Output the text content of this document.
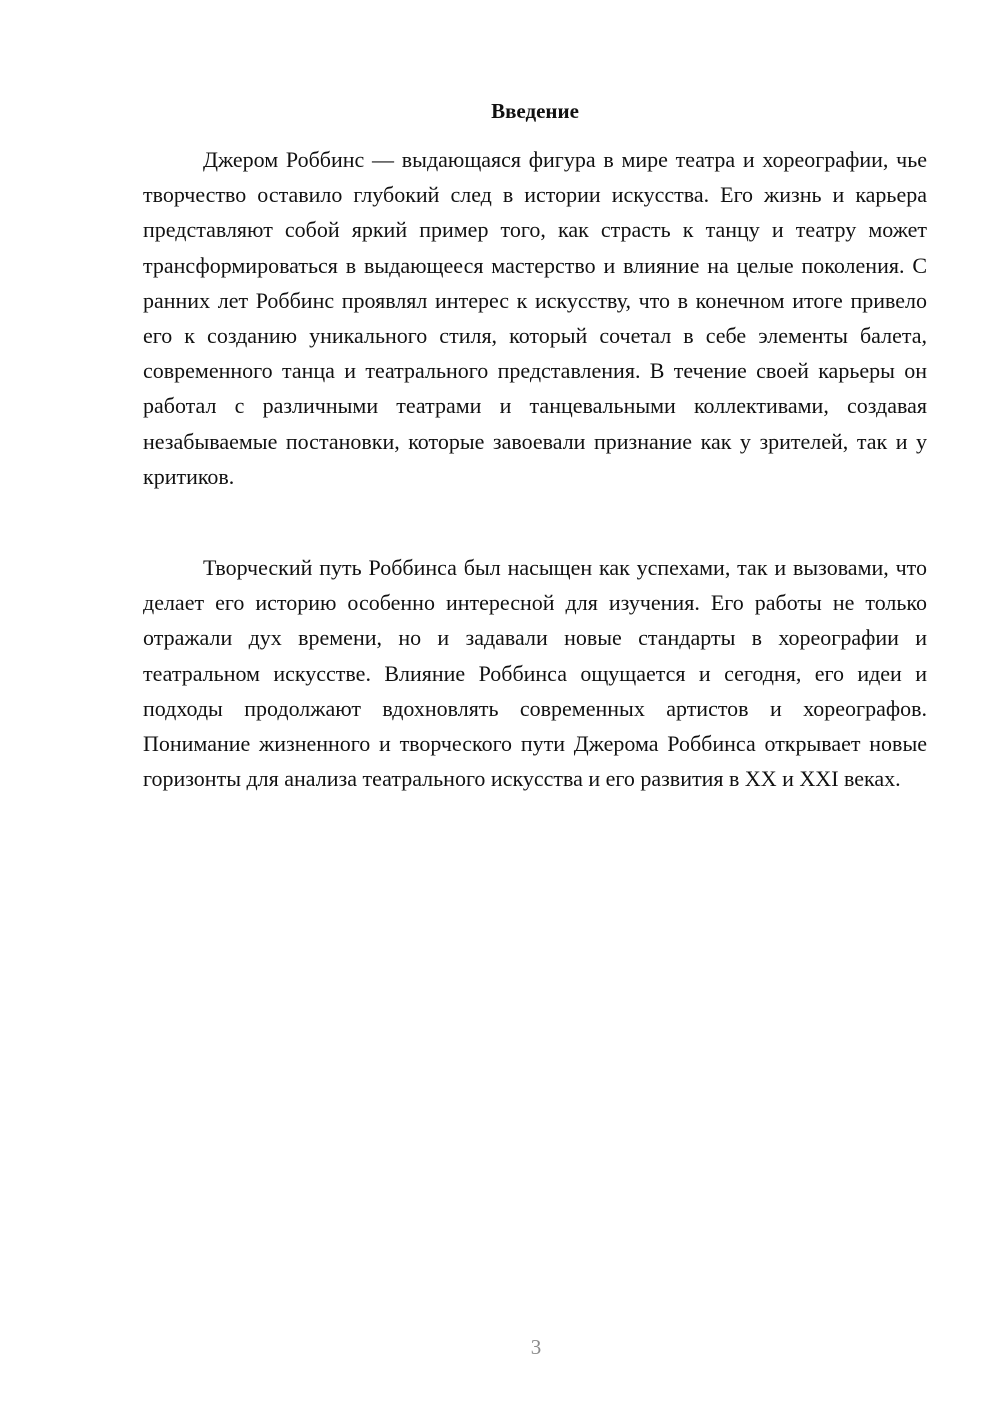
Введение

Джером Роббинс — выдающаяся фигура в мире театра и хореографии, чье творчество оставило глубокий след в истории искусства. Его жизнь и карьера представляют собой яркий пример того, как страсть к танцу и театру может трансформироваться в выдающееся мастерство и влияние на целые поколения. С ранних лет Роббинс проявлял интерес к искусству, что в конечном итоге привело его к созданию уникального стиля, который сочетал в себе элементы балета, современного танца и театрального представления. В течение своей карьеры он работал с различными театрами и танцевальными коллективами, создавая незабываемые постановки, которые завоевали признание как у зрителей, так и у критиков.

Творческий путь Роббинса был насыщен как успехами, так и вызовами, что делает его историю особенно интересной для изучения. Его работы не только отражали дух времени, но и задавали новые стандарты в хореографии и театральном искусстве. Влияние Роббинса ощущается и сегодня, его идеи и подходы продолжают вдохновлять современных артистов и хореографов. Понимание жизненного и творческого пути Джерома Роббинса открывает новые горизонты для анализа театрального искусства и его развития в XX и XXI веках.

3
